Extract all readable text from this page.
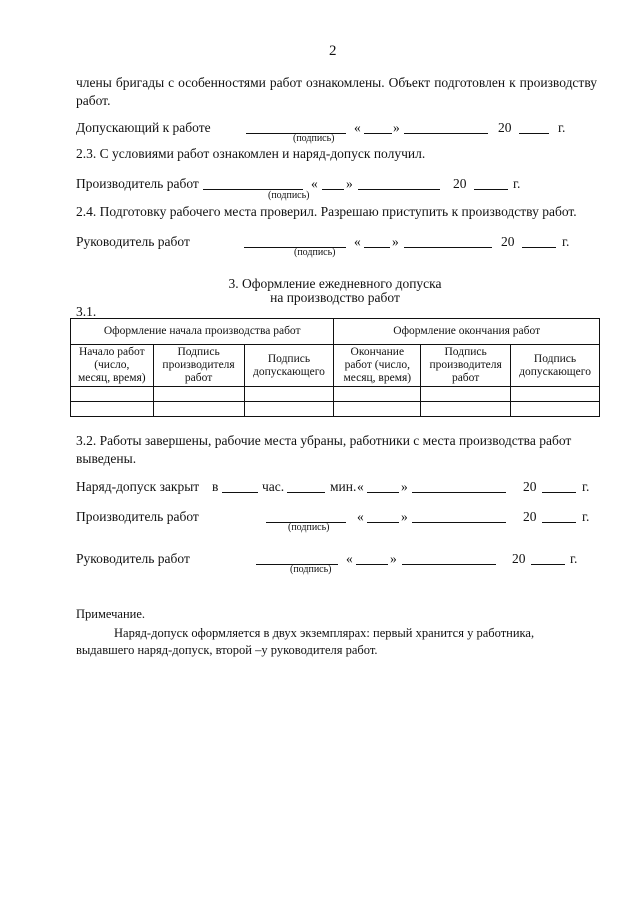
2
члены бригады с особенностями работ ознакомлены. Объект подготовлен к производству работ.
Допускающий к работе	« »	20	г.
(подпись)
2.3. С условиями работ ознакомлен и наряд-допуск получил.
Производитель работ	« »	20	г.
(подпись)
2.4. Подготовку рабочего места проверил. Разрешаю приступить к производству работ.
Руководитель работ	« »	20	г.
(подпись)
3. Оформление ежедневного допуска
на производство работ
3.1.
Оформление начала производства работ			Оформление окончания работ		
Начало работ
(число,
месяц, время)	Подпись
производителя
работ	Подпись
допускающего	Окончание
работ (число,
месяц, время)	Подпись
производителя
работ	Подпись
допускающего

3.2. Работы завершены, рабочие места убраны, работники с места производства работ выведены.
Наряд-допуск закрыт в	час.	мин. «	»	20	г.
Производитель работ	«	»	20	г.
(подпись)
Руководитель работ	«	»	20	г.
(подпись)
Примечание.
Наряд-допуск оформляется в двух экземплярах: первый хранится у работника, выдавшего наряд-допуск, второй –у руководителя работ.
